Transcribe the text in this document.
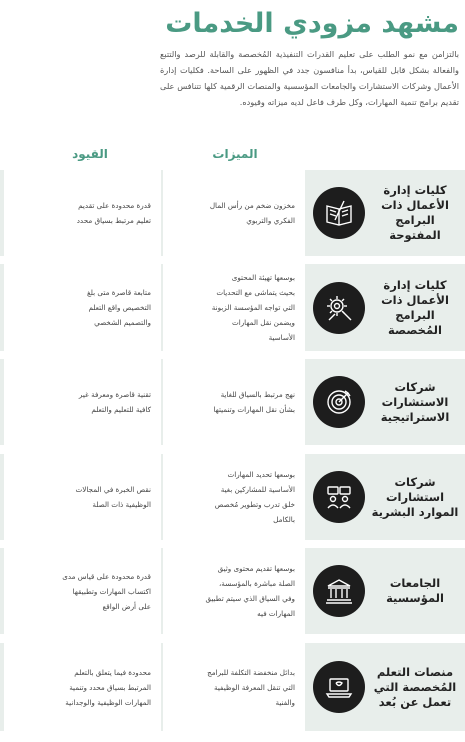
مشهد مزودي الخدمات

بالتزامن مع نمو الطلب على تعليم القدرات التنفيذية المُخصصة والقابلة للرصد والتتبع والفعالة بشكل قابل للقياس، بدأ منافسون جدد في الظهور على الساحة. فكليات إدارة الأعمال وشركات الاستشارات والجامعات المؤسسية والمنصات الرقمية كلها تتنافس على تقديم برامج تنمية المهارات، وكل طرف فاعل لديه ميزاته وقيوده.

الميزات
القيود
كليات إدارة الأعمال ذات البرامج المفتوحة
مخزون ضخم من رأس المال
الفكري والتربوي
قدرة محدودة على تقديم
تعليم مرتبط بسياق محدد
كليات إدارة الأعمال ذات البرامج المُخصصة
بوسعها تهيئة المحتوى
بحيث يتماشى مع التحديات
التي تواجه المؤسسة الزبونة
ويضمن نقل المهارات
الأساسية
متابعة قاصرة متى بلغ
التخصيص واقع التعلم
والتصميم الشخصي
شركات الاستشارات الاستراتيجية
نهج مرتبط بالسياق للغاية
بشأن نقل المهارات وتنميتها
تقنية قاصرة ومعرفة غير
كافية للتعليم والتعلم
شركات استشارات الموارد البشرية
بوسعها تحديد المهارات
الأساسية للمشاركين بغية
خلق تدرب وتطوير مُخصص
بالكامل
نقص الخبرة في المجالات
الوظيفية ذات الصلة
الجامعات المؤسسية
بوسعها تقديم محتوى وثيق
الصلة مباشرة بالمؤسسة،
وفي السياق الذي سيتم تطبيق
المهارات فيه
قدرة محدودة على قياس مدى
اكتساب المهارات وتطبيقها
على أرض الواقع
منصات التعلم المُخصصة التي تعمل عن بُعد
بدائل منخفضة التكلفة للبرامج
التي تنقل المعرفة الوظيفية
والفنية
محدودة فيما يتعلق بالتعلم
المرتبط بسياق محدد وتنمية
المهارات الوظيفية والوجدانية
